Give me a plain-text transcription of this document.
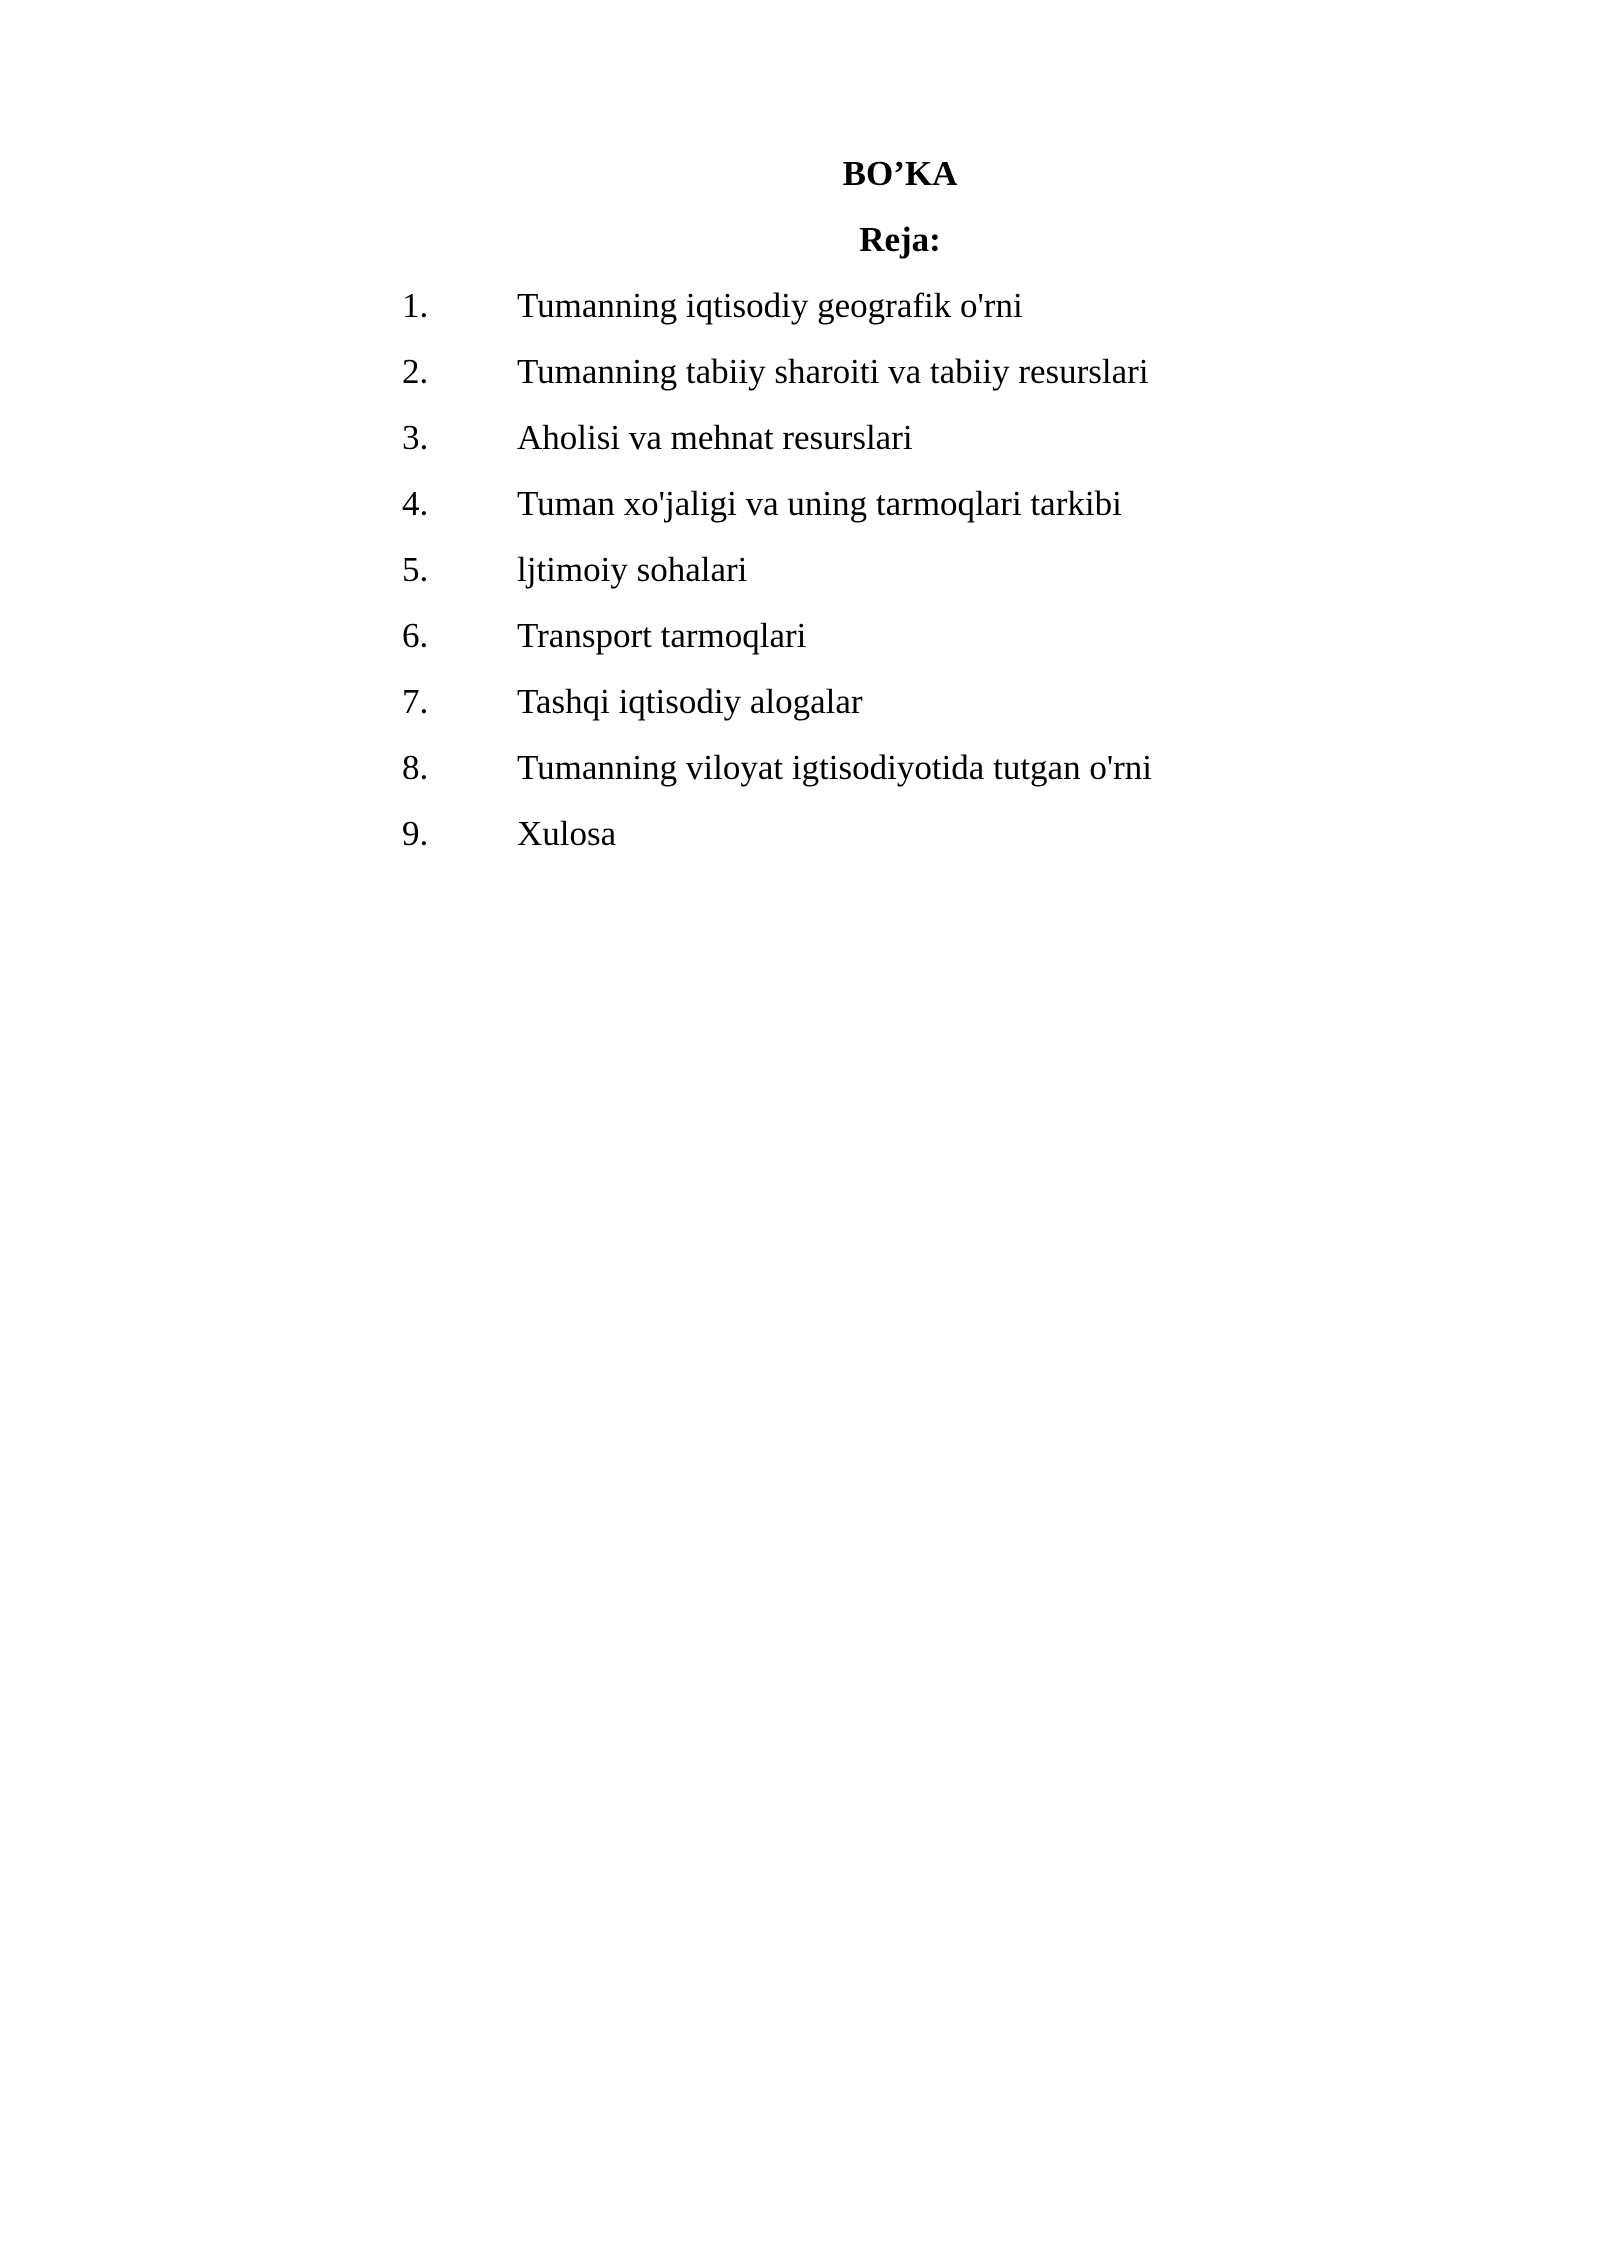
BO’KA
Reja:
1.	Tumanning iqtisodiy geografik o'rni
2.	Tumanning tabiiy sharoiti va tabiiy resurslari
3.	Aholisi va mehnat resurslari
4.	Tuman xo'jaligi va uning tarmoqlari tarkibi
5.	ljtimoiy sohalari
6.	Transport tarmoqlari
7.	Tashqi iqtisodiy alogalar
8.	Tumanning viloyat igtisodiyotida tutgan o'rni
9.	Xulosa
